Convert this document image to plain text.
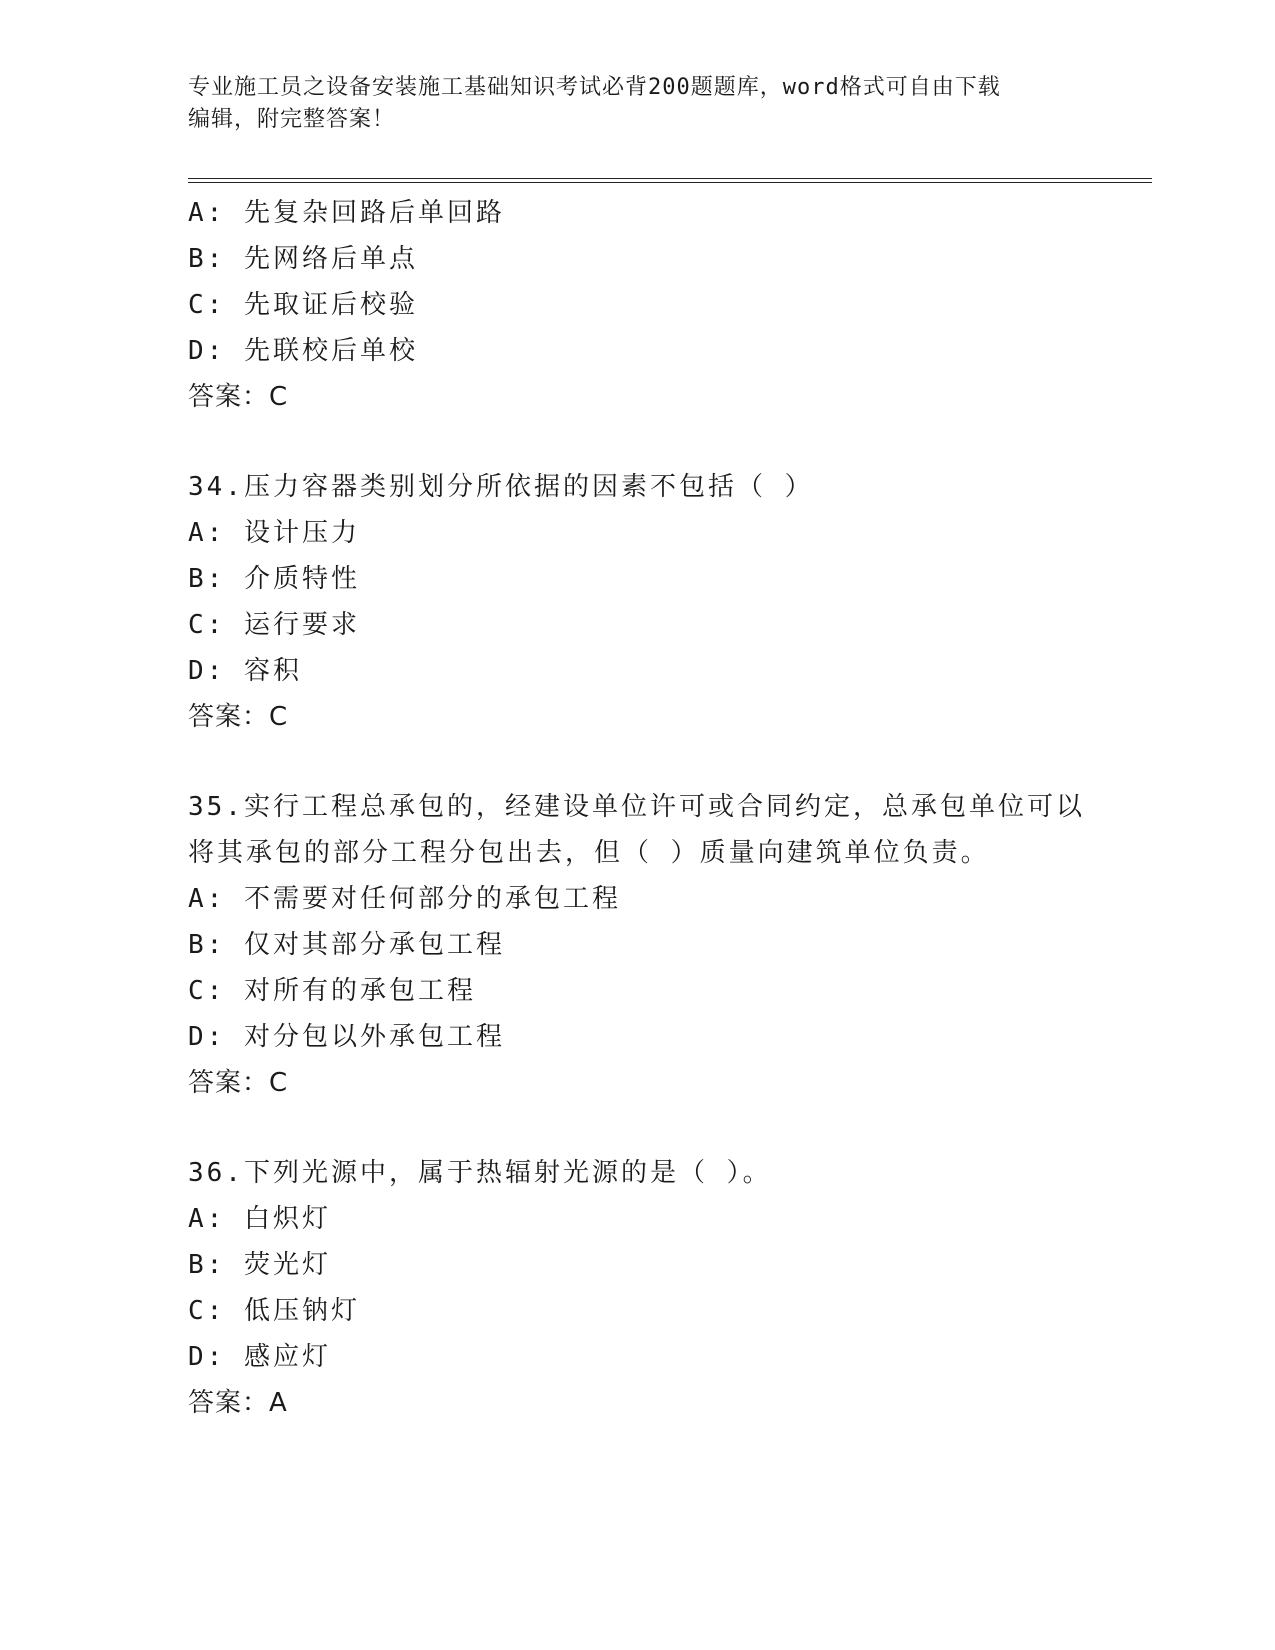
专业施工员之设备安装施工基础知识考试必背200题题库，word格式可自由下载
编辑，附完整答案！
A: 先复杂回路后单回路
B: 先网络后单点
C: 先取证后校验
D: 先联校后单校
答案：C
34.压力容器类别划分所依据的因素不包括（ ）
A: 设计压力
B: 介质特性
C: 运行要求
D: 容积
答案：C
35.实行工程总承包的，经建设单位许可或合同约定，总承包单位可以
将其承包的部分工程分包出去，但（ ）质量向建筑单位负责。
A: 不需要对任何部分的承包工程
B: 仅对其部分承包工程
C: 对所有的承包工程
D: 对分包以外承包工程
答案：C
36.下列光源中，属于热辐射光源的是（ ）。
A: 白炽灯
B: 荧光灯
C: 低压钠灯
D: 感应灯
答案：A
